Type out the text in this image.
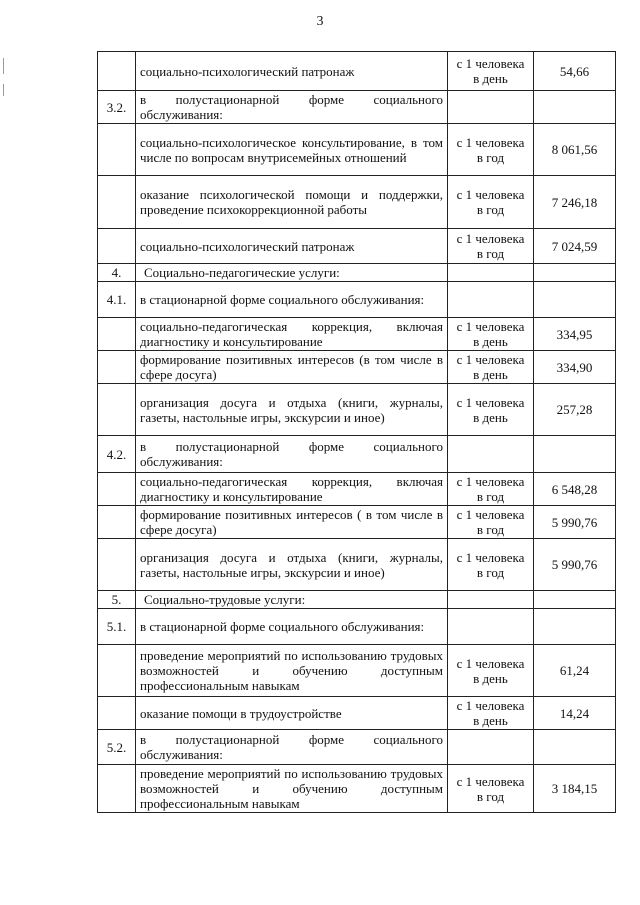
3
	социально-психологический патронаж	с 1 человека в день	54,66
3.2.	в полустационарной форме социального обслуживания:		
	социально-психологическое консультирование, в том числе по вопросам внутрисемейных отношений	с 1 человека в год	8 061,56
	оказание психологической помощи и поддержки, проведение психокоррекционной работы	с 1 человека в год	7 246,18
	социально-психологический патронаж	с 1 человека в год	7 024,59
4.	Социально-педагогические услуги:		
4.1.	в стационарной форме социального обслуживания:		
	социально-педагогическая коррекция, включая диагностику и консультирование	с 1 человека в день	334,95
	формирование позитивных интересов (в том числе в сфере досуга)	с 1 человека в день	334,90
	организация досуга и отдыха (книги, журналы, газеты, настольные игры, экскурсии и иное)	с 1 человека в день	257,28
4.2.	в полустационарной форме социального обслуживания:		
	социально-педагогическая коррекция, включая диагностику и консультирование	с 1 человека в год	6 548,28
	формирование позитивных интересов ( в том числе в сфере досуга)	с 1 человека в год	5 990,76
	организация досуга и отдыха (книги, журналы, газеты, настольные игры, экскурсии и иное)	с 1 человека в год	5 990,76
5.	Социально-трудовые услуги:		
5.1.	в стационарной форме социального обслуживания:		
	проведение мероприятий по использованию трудовых возможностей и обучению доступным профессиональным навыкам	с 1 человека в день	61,24
	оказание помощи в трудоустройстве	с 1 человека в день	14,24
5.2.	в полустационарной форме социального обслуживания:		
	проведение мероприятий по использованию трудовых возможностей и обучению доступным профессиональным навыкам	с 1 человека в год	3 184,15
